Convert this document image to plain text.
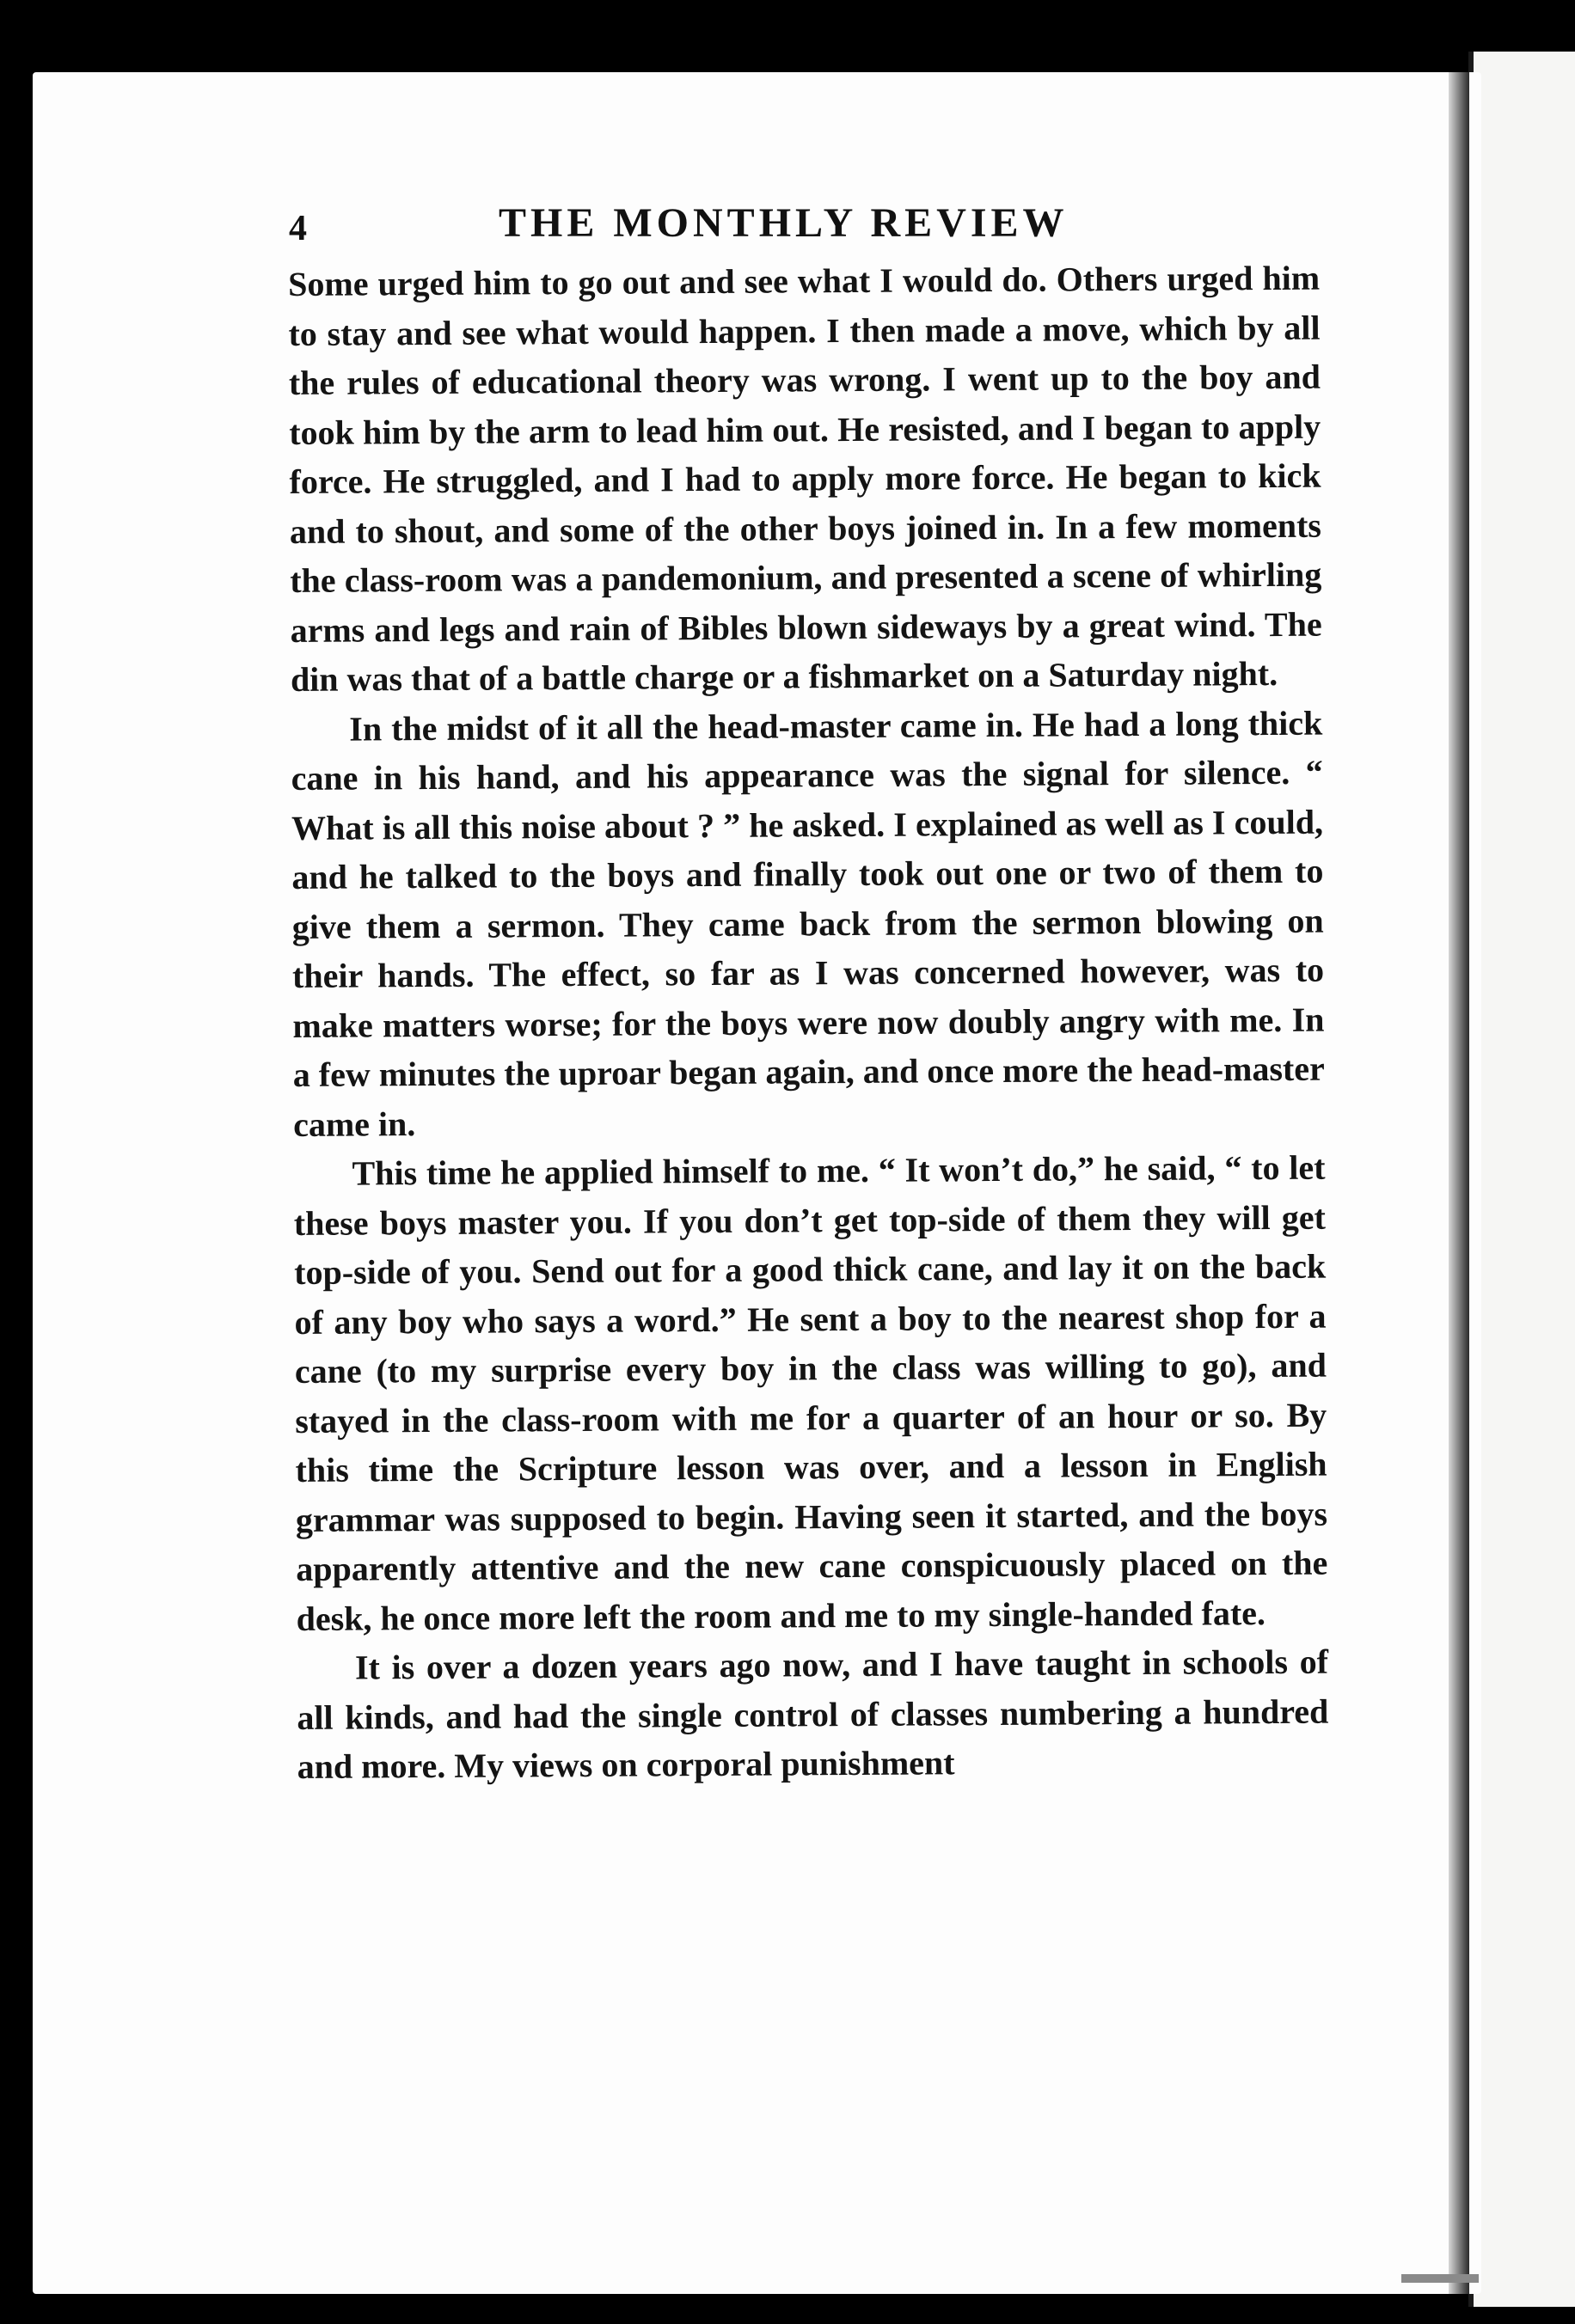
4	THE MONTHLY REVIEW

Some urged him to go out and see what I would do. Others urged him to stay and see what would happen. I then made a move, which by all the rules of educational theory was wrong. I went up to the boy and took him by the arm to lead him out. He resisted, and I began to apply force. He struggled, and I had to apply more force. He began to kick and to shout, and some of the other boys joined in. In a few moments the class-room was a pandemonium, and presented a scene of whirling arms and legs and rain of Bibles blown sideways by a great wind. The din was that of a battle charge or a fishmarket on a Saturday night.

In the midst of it all the head-master came in. He had a long thick cane in his hand, and his appearance was the signal for silence. “ What is all this noise about ? ” he asked. I explained as well as I could, and he talked to the boys and finally took out one or two of them to give them a sermon. They came back from the sermon blowing on their hands. The effect, so far as I was concerned however, was to make matters worse; for the boys were now doubly angry with me. In a few minutes the uproar began again, and once more the head-master came in.

This time he applied himself to me. “ It won’t do,” he said, “ to let these boys master you. If you don’t get top-side of them they will get top-side of you. Send out for a good thick cane, and lay it on the back of any boy who says a word.” He sent a boy to the nearest shop for a cane (to my surprise every boy in the class was willing to go), and stayed in the class-room with me for a quarter of an hour or so. By this time the Scripture lesson was over, and a lesson in English grammar was supposed to begin. Having seen it started, and the boys apparently attentive and the new cane conspicuously placed on the desk, he once more left the room and me to my single-handed fate.

It is over a dozen years ago now, and I have taught in schools of all kinds, and had the single control of classes numbering a hundred and more. My views on corporal punishment
